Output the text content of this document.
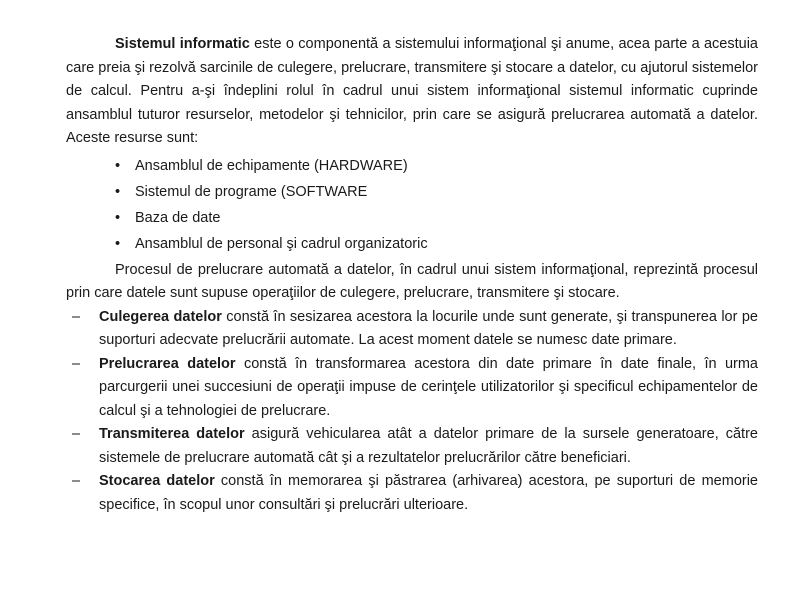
Sistemul informatic este o componentă a sistemului informaţional şi anume, acea parte a acestuia care preia şi rezolvă sarcinile de culegere, prelucrare, transmitere şi stocare a datelor, cu ajutorul sistemelor de calcul. Pentru a-şi îndeplini rolul în cadrul unui sistem informaţional sistemul informatic cuprinde ansamblul tuturor resurselor, metodelor şi tehnicilor, prin care se asigură prelucrarea automată a datelor. Aceste resurse sunt:

• Ansamblul de echipamente (HARDWARE)
• Sistemul de programe (SOFTWARE
• Baza de date
• Ansamblul de personal şi cadrul organizatoric

Procesul de prelucrare automată a datelor, în cadrul unui sistem informaţional, reprezintă procesul prin care datele sunt supuse operaţiilor de culegere, prelucrare, transmitere şi stocare.

– Culegerea datelor constă în sesizarea acestora la locurile unde sunt generate, şi transpunerea lor pe suporturi adecvate prelucrării automate. La acest moment datele se numesc date primare.
– Prelucrarea datelor constă în transformarea acestora din date primare în date finale, în urma parcurgerii unei succesiuni de operaţii impuse de cerinţele utilizatorilor şi specificul echipamentelor de calcul şi a tehnologiei de prelucrare.
– Transmiterea datelor asigură vehicularea atât a datelor primare de la sursele generatoare, către sistemele de prelucrare automată cât şi a rezultatelor prelucrărilor către beneficiari.
– Stocarea datelor constă în memorarea şi păstrarea (arhivarea) acestora, pe suporturi de memorie specifice, în scopul unor consultări şi prelucrări ulterioare.
